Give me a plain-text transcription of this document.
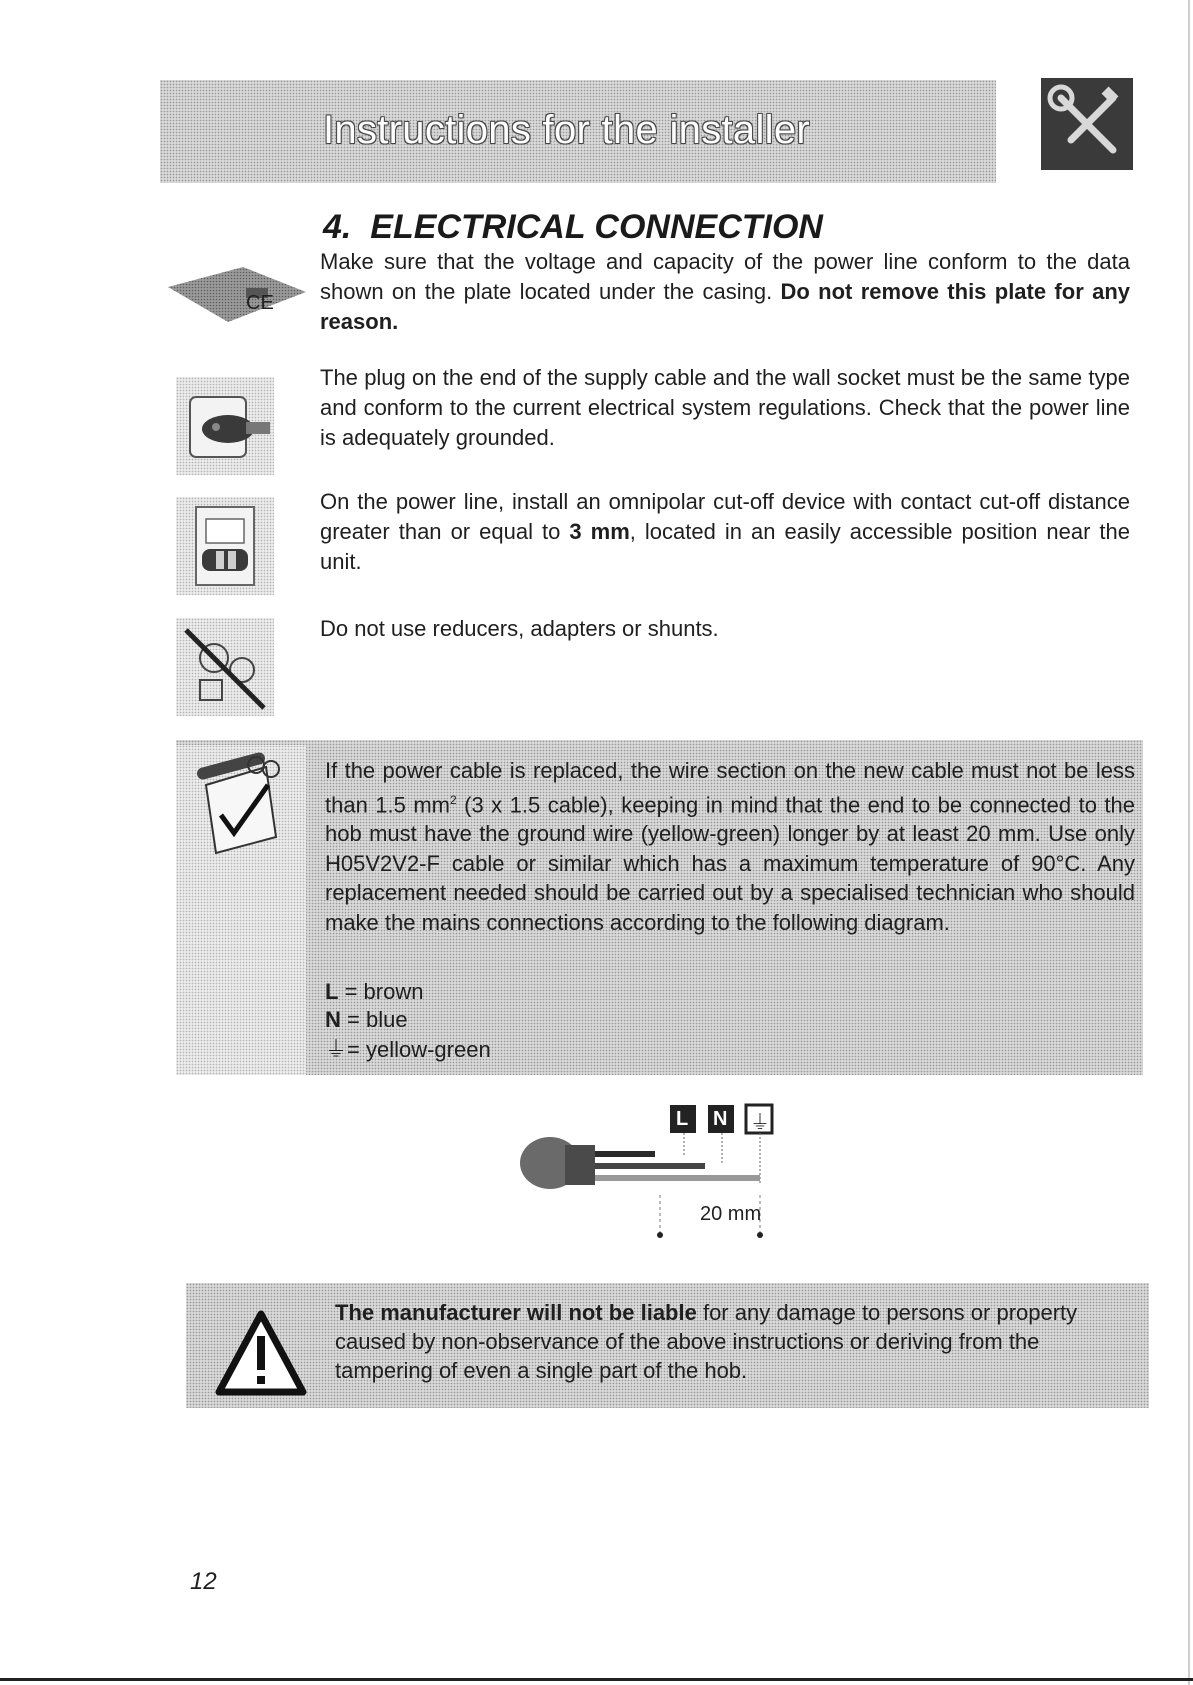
Instructions for the installer
4. ELECTRICAL CONNECTION
CE
Make sure that the voltage and capacity of the power line conform to the data shown on the plate located under the casing. Do not remove this plate for any reason.
The plug on the end of the supply cable and the wall socket must be the same type and conform to the current electrical system regulations. Check that the power line is adequately grounded.
On the power line, install an omnipolar cut-off device with contact cut-off distance greater than or equal to 3 mm, located in an easily accessible position near the unit.
Do not use reducers, adapters or shunts.
If the power cable is replaced, the wire section on the new cable must not be less than 1.5 $mm^2$ (3 x 1.5 cable), keeping in mind that the end to be connected to the hob must have the ground wire (yellow-green) longer by at least 20 mm. Use only H05V2V2-F cable or similar which has a maximum temperature of 90°C. Any replacement needed should be carried out by a specialised technician who should make the mains connections according to the following diagram.
L = brown
N = blue
⏚= yellow-green
L N ⏚
20 mm
The manufacturer will not be liable for any damage to persons or property caused by non-observance of the above instructions or deriving from the tampering of even a single part of the hob.
12
